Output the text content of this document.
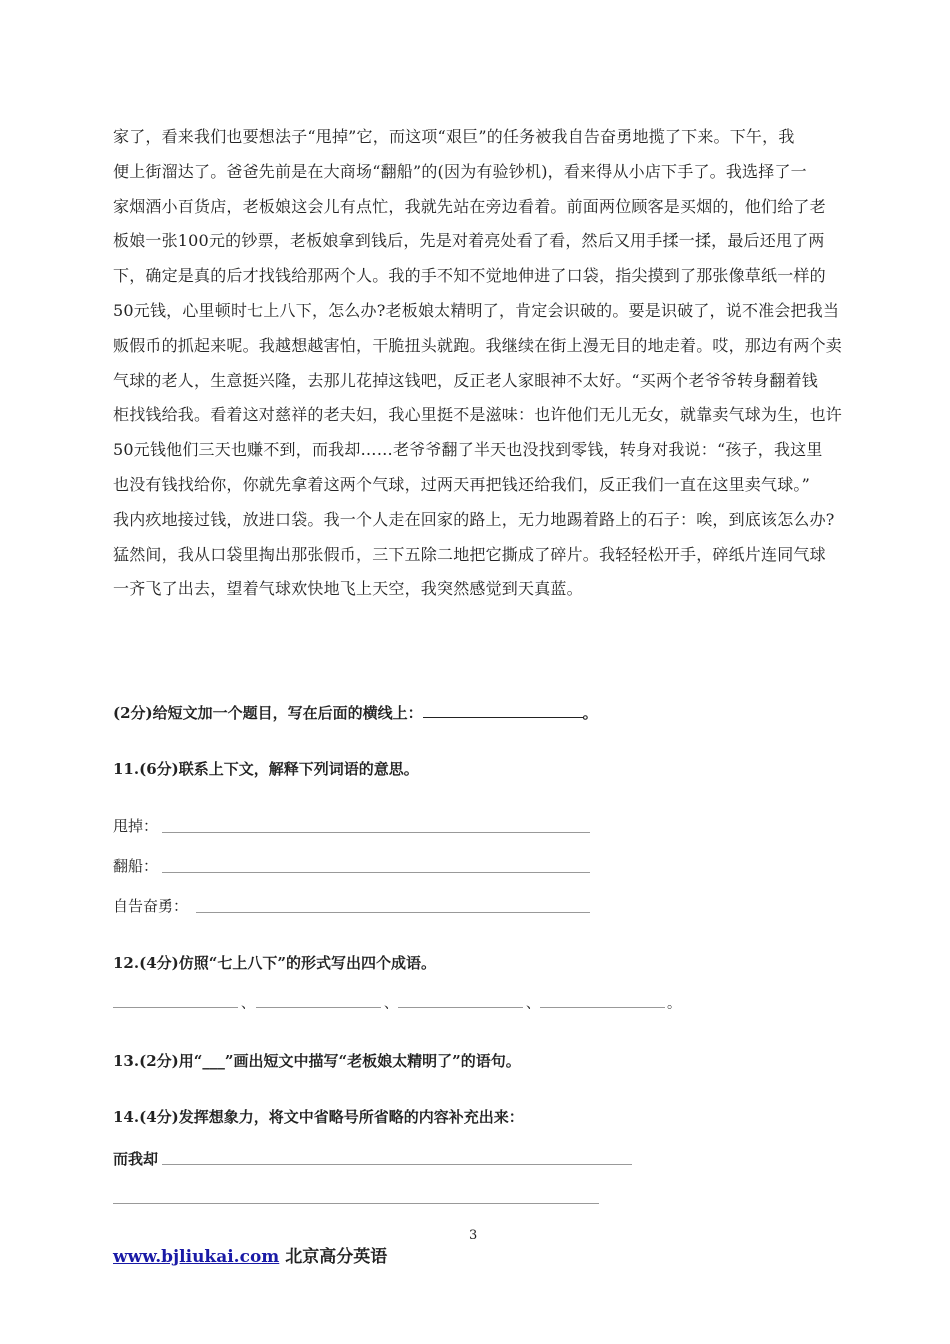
家了，看来我们也要想法子“甩掉”它，而这项“艰巨”的任务被我自告奋勇地揽了下来。下午，我
便上街溜达了。爸爸先前是在大商场“翻船”的(因为有验钞机)，看来得从小店下手了。我选择了一
家烟酒小百货店，老板娘这会儿有点忙，我就先站在旁边看着。前面两位顾客是买烟的，他们给了老
板娘一张100元的钞票，老板娘拿到钱后，先是对着亮处看了看，然后又用手揉一揉，最后还甩了两
下，确定是真的后才找钱给那两个人。我的手不知不觉地伸进了口袋，指尖摸到了那张像草纸一样的
50元钱，心里顿时七上八下，怎么办?老板娘太精明了，肯定会识破的。要是识破了，说不准会把我当
贩假币的抓起来呢。我越想越害怕，干脆扭头就跑。我继续在街上漫无目的地走着。哎，那边有两个卖
气球的老人，生意挺兴隆，去那儿花掉这钱吧，反正老人家眼神不太好。“买两个老爷爷转身翻着钱
柜找钱给我。看着这对慈祥的老夫妇，我心里挺不是滋味：也许他们无儿无女，就靠卖气球为生，也许
50元钱他们三天也赚不到，而我却……老爷爷翻了半天也没找到零钱，转身对我说：“孩子，我这里
也没有钱找给你，你就先拿着这两个气球，过两天再把钱还给我们，反正我们一直在这里卖气球。”
我内疚地接过钱，放进口袋。我一个人走在回家的路上，无力地踢着路上的石子：唉，到底该怎么办?
猛然间，我从口袋里掏出那张假币，三下五除二地把它撕成了碎片。我轻轻松开手，碎纸片连同气球
一齐飞了出去，望着气球欢快地飞上天空，我突然感觉到天真蓝。
(2分)给短文加一个题目，写在后面的横线上：	。
11.(6分)联系上下文，解释下列词语的意思。
甩掉：
翻船：
自告奋勇：
12.(4分)仿照“七上八下”的形式写出四个成语。
、	、	、	。
13.(2分)用“___”画出短文中描写“老板娘太精明了”的语句。
14.(4分)发挥想象力，将文中省略号所省略的内容补充出来：
而我却
3
www.bjliukai.com 北京高分英语
